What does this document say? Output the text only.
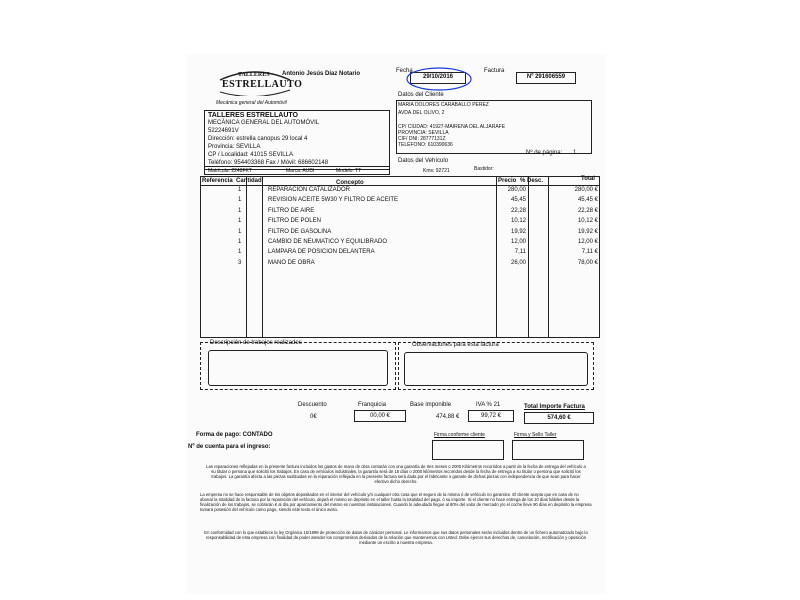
TALLERES
ESTRELLAUTO
Antonio Jesús Díaz Notario
Mecánica general del Automóvil
Fecha
29/10/2016
Factura
Nº 291606559
TALLERES ESTRELLAUTO
MECÁNICA GENERAL DEL AUTOMÓVIL
52224691V
Dirección: estrella canopus 29 local 4
Provincia: SEVILLA
CP / Localidad: 41015 SEVILLA
Teléfono: 954403368 Fax / Móvil: 686602148
Datos del Cliente
MARIA DOLORES CARABALLO PEREZ
AVDA.DEL OLIVO, 2
CP/ CIUDAD: 41927-MAIRENA DEL ALJARAFE
PROVINCIA: SEVILLA
CIF/ DNI: 28777131Z
TELÉFONO: 610390636
Datos del Vehículo
Nº de página: 1
Matrícula: 2248FKT	Marca: AUDI	Modelo: TT	Kms: 92721	Bastidor:
Referencia Cantidad	Concepto	Precio % Desc.	Total
1	REPARACION CATALIZADOR	280,00	280,00 €
1	REVISION ACEITE 5W30 Y FILTRO DE ACEITE	45,45	45,45 €
1	FILTRO DE AIRE	22,28	22,28 €
1	FILTRO DE POLEN	10,12	10,12 €
1	FILTRO DE GASOLINA	19,92	19,92 €
1	CAMBIO DE NEUMATICO Y EQUILIBRADO	12,00	12,00 €
1	LAMPARA DE POSICION DELANTERA	7,11	7,11 €
3	MANO DE OBRA	26,00	78,00 €
Descripción de trabajos realizados	Observaciones para esta factura
Descuento
0€
Franquicia
00,00 €
Base imponible
474,88 €
IVA % 21
99,72 €
Total Importe Factura
574,60 €
Forma de pago: CONTADO
Nº de cuenta para el ingreso:
Firma conforme cliente	Firma y Sello Taller
Las reparaciones reflejadas en la presente factura incluidos los gastos de mano de obra contarán con una garantía de tres meses o 2000 Kilómetros recorridos a partir de la fecha de entrega del vehículo a su titular o persona que solicitó los trabajos. En caso de vehículos industriales, la garantía será de 15 días o 2000 kilómetros recorridos desde la fecha de entrega a su titular o persona que solicitó los trabajos. La garantía afecta a las piezas sustituidas en la reparación reflejada en la presente factura será dada por el fabricante o garante de dichas piezas con independencia de que sean para hacer efectivo dicho derecho.
La empresa no se hace responsable de los objetos depositados en el interior del vehículo y/o cualquier otra cosa que el seguro de la misma ó de vehículo no garantice. El cliente acepta que en caso de no abonar la totalidad de la factura por la reparación del vehículo, dejará el mismo en depósito en el taller hasta la totalidad del pago, ó su importe. Si el cliente no hace entrega de los 10 días hábiles desde la finalización de los trabajos, se cobrarán € al día por aparcamiento del mismo en nuestras instalaciones. Cuando lo adeudado llegue al 80% del valor de mercado y/o el coche lleve 90 días en depósito la empresa tomará posesión del vehículo como pago, siendo este texto el único aviso.
En conformidad con lo que establece la ley Orgánica 15/1999 de protección de datos de carácter personal. Le informamos que sus datos personales serán incluidos dentro de un fichero automatizado bajo la responsabilidad de esta empresa con finalidad de poder atender los compromisos derivados de la relación que mantenemos con Usted. Debe ejercer sus derechos de, cancelación, rectificación y oposición mediante un escrito a nuestra empresa.
